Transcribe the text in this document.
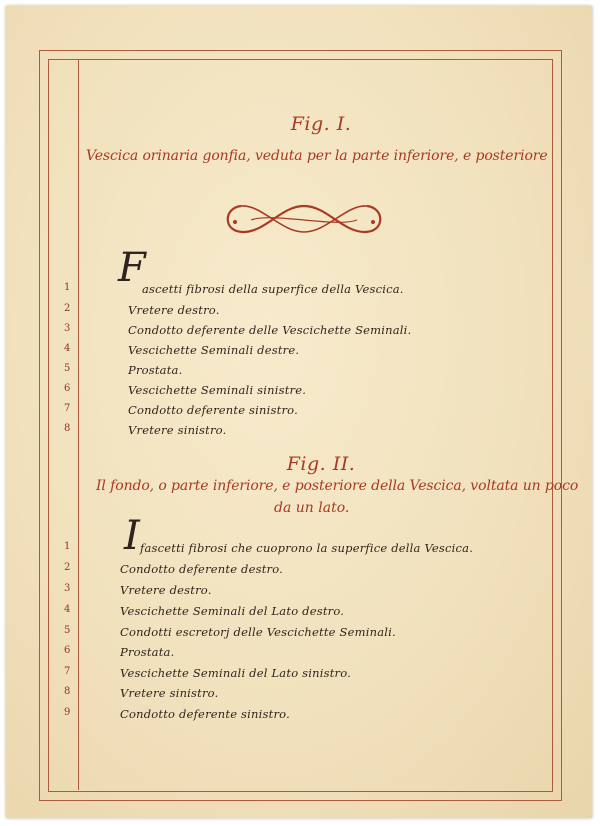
Fig. I.
Vescica orinaria gonfia, veduta per la parte inferiore, e posteriore
F
1	ascetti fibrosi della superfice della Vescica.
2	Vretere destro.
3	Condotto deferente delle Vescichette Seminali.
4	Vescichette Seminali destre.
5	Prostata.
6	Vescichette Seminali sinistre.
7	Condotto deferente sinistro.
8	Vretere sinistro.
Fig. II.
Il fondo, o parte inferiore, e posteriore della Vescica, voltata un poco
da un lato.
I
1	fascetti fibrosi che cuoprono la superfice della Vescica.
2	Condotto deferente destro.
3	Vretere destro.
4	Vescichette Seminali del Lato destro.
5	Condotti escretorj delle Vescichette Seminali.
6	Prostata.
7	Vescichette Seminali del Lato sinistro.
8	Vretere sinistro.
9	Condotto deferente sinistro.
